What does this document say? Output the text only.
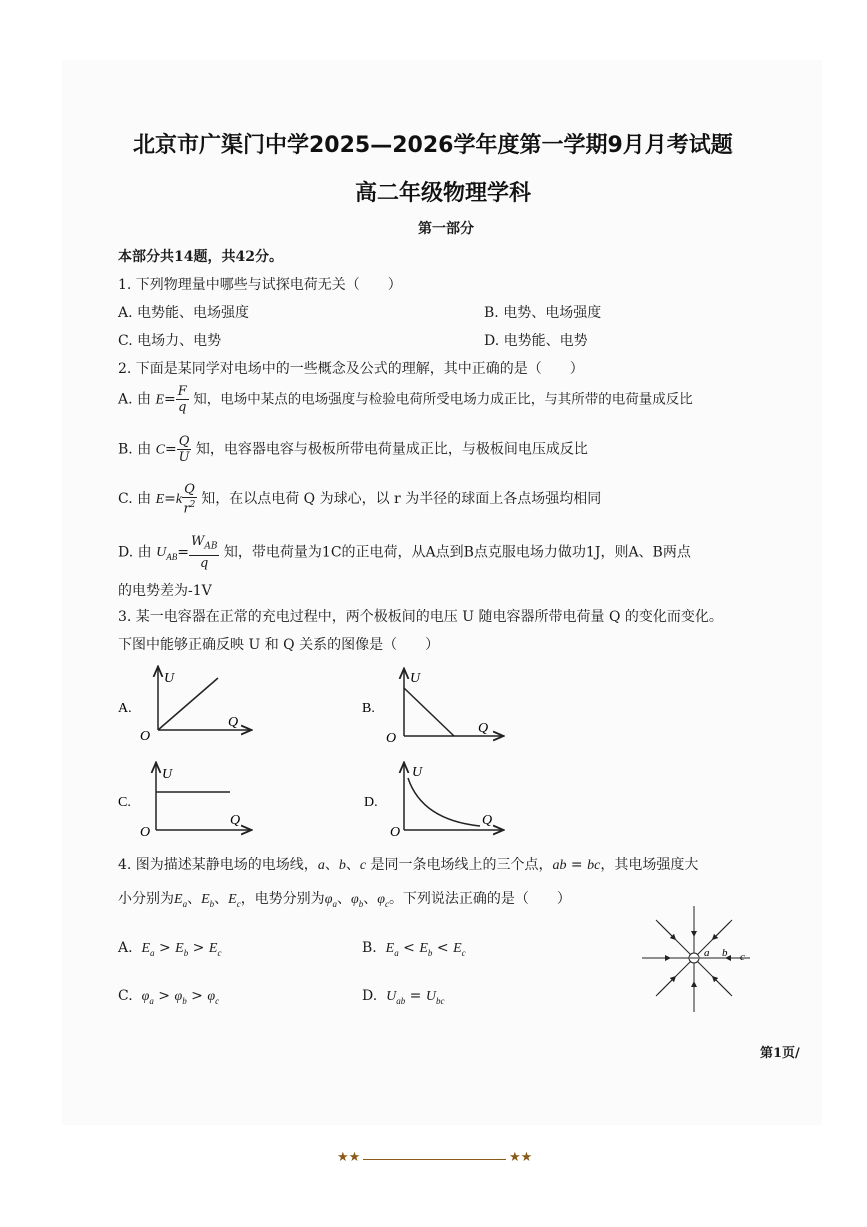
北京市广渠门中学2025—2026学年度第一学期9月月考试题
高二年级物理学科
第一部分
本部分共14题，共42分。
1. 下列物理量中哪些与试探电荷无关（　　）
A. 电势能、电场强度	B. 电势、电场强度
C. 电场力、电势	D. 电势能、电势
2. 下面是某同学对电场中的一些概念及公式的理解，其中正确的是（　　）
A. 由 $E= \frac{F}{q}$ 知，电场中某点的电场强度与检验电荷所受电场力成正比，与其所带的电荷量成反比
B. 由 $C= \frac{Q}{U}$ 知，电容器电容与极板所带电荷量成正比，与极板间电压成反比
C. 由 $E=k \frac{Q}{r^2}$ 知，在以点电荷 Q 为球心，以 r 为半径的球面上各点场强均相同
D. 由 $U_{AB}= \frac{W_{AB}}{q}$ 知，带电荷量为1C的正电荷，从A点到B点克服电场力做功1J，则A、B两点
的电势差为-1V
3. 某一电容器在正常的充电过程中，两个极板间的电压 U 随电容器所带电荷量 Q 的变化而变化。
下图中能够正确反映 U 和 Q 关系的图像是（　　）
A.
U
Q
O
B.
U
Q
O
C.
U
Q
O
D.
U
Q
O
4. 图为描述某静电场的电场线，a、b、c 是同一条电场线上的三个点，ab = bc，其电场强度大
小分别为$E_a$、$E_b$、$E_c$，电势分别为$\varphi_a$、$\varphi_b$、$\varphi_c$。下列说法正确的是（　　）
A. $E_a > E_b > E_c$	B. $E_a < E_b < E_c$
C. $\varphi_a > \varphi_b > \varphi_c$	D. $U_{ab} = U_{bc}$
a b c
第1页/
★★	★★
